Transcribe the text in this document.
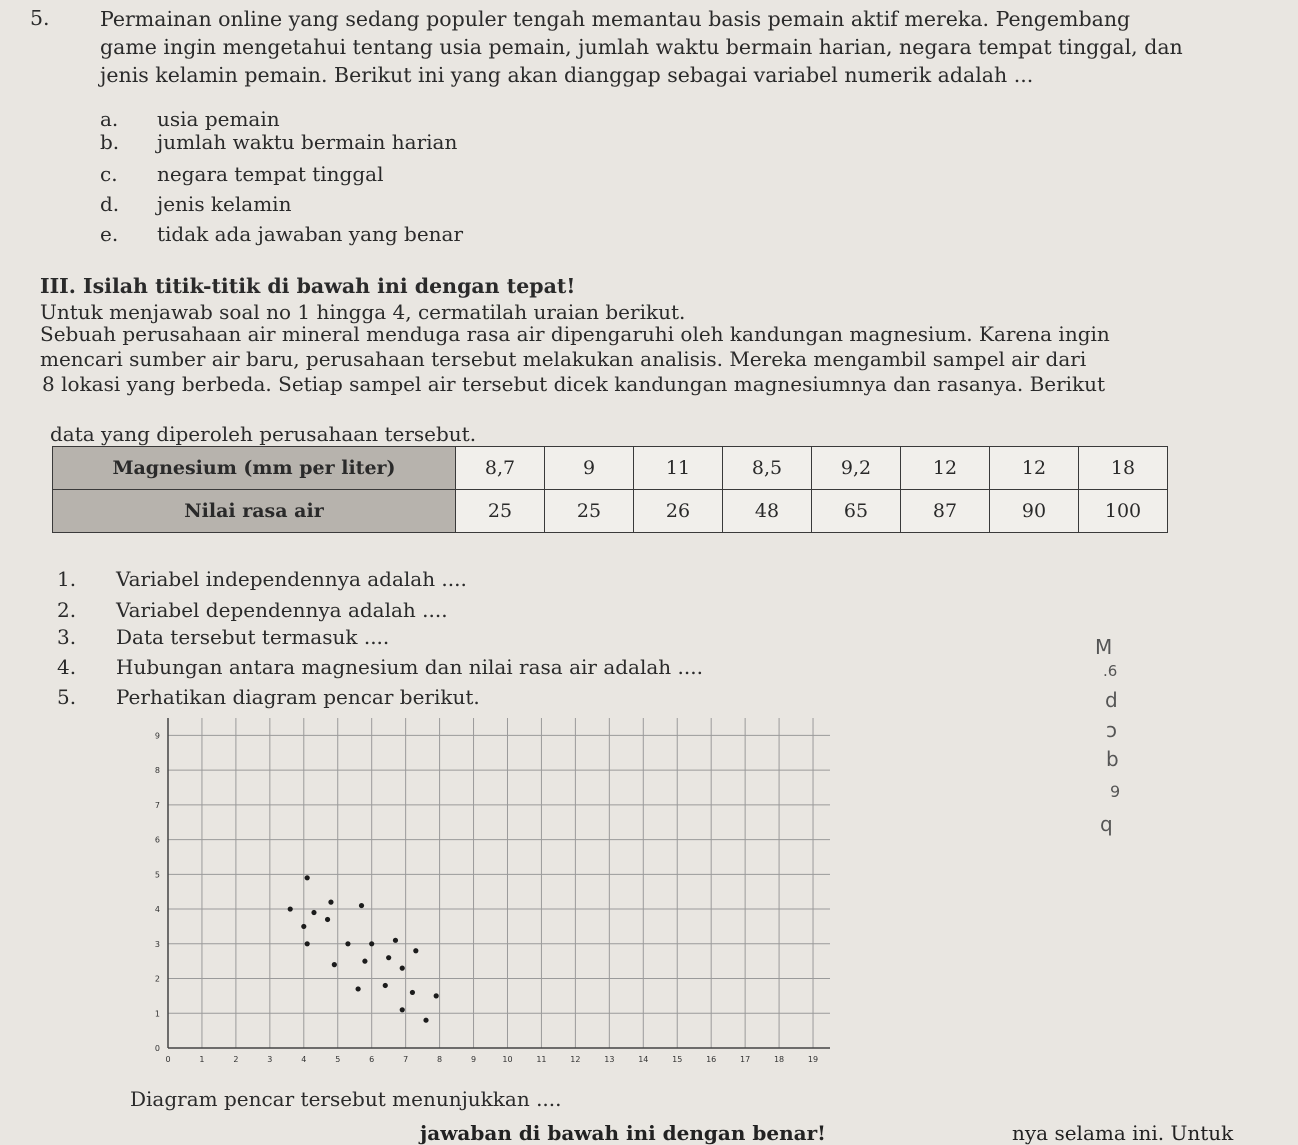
5. Permainan online yang sedang populer tengah memantau basis pemain aktif mereka. Pengembang game ingin mengetahui tentang usia pemain, jumlah waktu bermain harian, negara tempat tinggal, dan jenis kelamin pemain. Berikut ini yang akan dianggap sebagai variabel numerik adalah ...
a. usia pemain
b. jumlah waktu bermain harian
c. negara tempat tinggal
d. jenis kelamin
e. tidak ada jawaban yang benar
III. Isilah titik-titik di bawah ini dengan tepat!
Untuk menjawab soal no 1 hingga 4, cermatilah uraian berikut.
Sebuah perusahaan air mineral menduga rasa air dipengaruhi oleh kandungan magnesium. Karena ingin
mencari sumber air baru, perusahaan tersebut melakukan analisis. Mereka mengambil sampel air dari
8 lokasi yang berbeda. Setiap sampel air tersebut dicek kandungan magnesiumnya dan rasanya. Berikut
data yang diperoleh perusahaan tersebut.
Magnesium (mm per liter)	8,7	9	11	8,5	9,2	12	12	18
Nilai rasa air	25	25	26	48	65	87	90	100
1. Variabel independennya adalah ....
2. Variabel dependennya adalah ....
3. Data tersebut termasuk ....
4. Hubungan antara magnesium dan nilai rasa air adalah ....
5. Perhatikan diagram pencar berikut.
0	1	2	3	4	5	6	7	8	9	10	11	12	13	14	15	16	17	18	19
0
1
2
3
4
5
6
7
8
9
Diagram pencar tersebut menunjukkan ....
M
.6
d
ɔ
b
9
q
jawaban di bawah ini dengan benar!	nya selama ini. Untuk
